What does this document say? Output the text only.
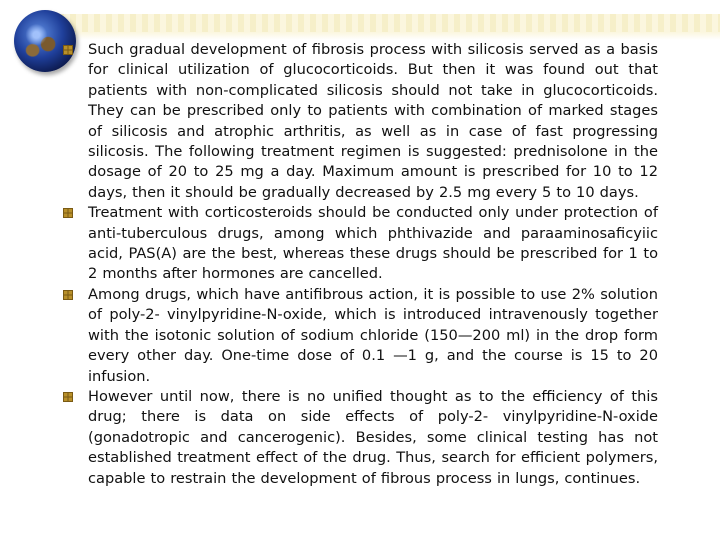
Such gradual development of fibrosis process with silicosis served as a basis for clinical utilization of glucocorticoids. But then it was found out that patients with non-complicated silicosis should not take in glucocorticoids. They can be prescribed only to patients with combination of marked stages of silicosis and atrophic arthritis, as well as in case of fast progressing silicosis. The following treatment regimen is suggested: prednisolone in the dosage of 20 to 25 mg a day. Maximum amount is prescribed for 10 to 12 days, then it should be gradually decreased by 2.5 mg every 5 to 10 days.
Treatment with corticosteroids should be conducted only under protection of anti-tuberculous drugs, among which phthivazide and paraaminosaficyiic acid, PAS(A) are the best, whereas these drugs should be prescribed for 1 to 2 months after hormones are cancelled.
Among drugs, which have antifibrous action, it is possible to use 2% solution of poly-2- vinylpyridine-N-oxide, which is introduced intravenously together with the isotonic solution of sodium chloride (150—200 ml) in the drop form every other day. One-time dose of 0.1 —1 g, and the course is 15 to 20 infusion.
However until now, there is no unified thought as to the efficiency of this drug; there is data on side effects of poly-2- vinylpyridine-N-oxide (gonadotropic and cancerogenic). Besides, some clinical testing has not established treatment effect of the drug. Thus, search for efficient polymers, capable to restrain the development of fibrous process in lungs, continues.
